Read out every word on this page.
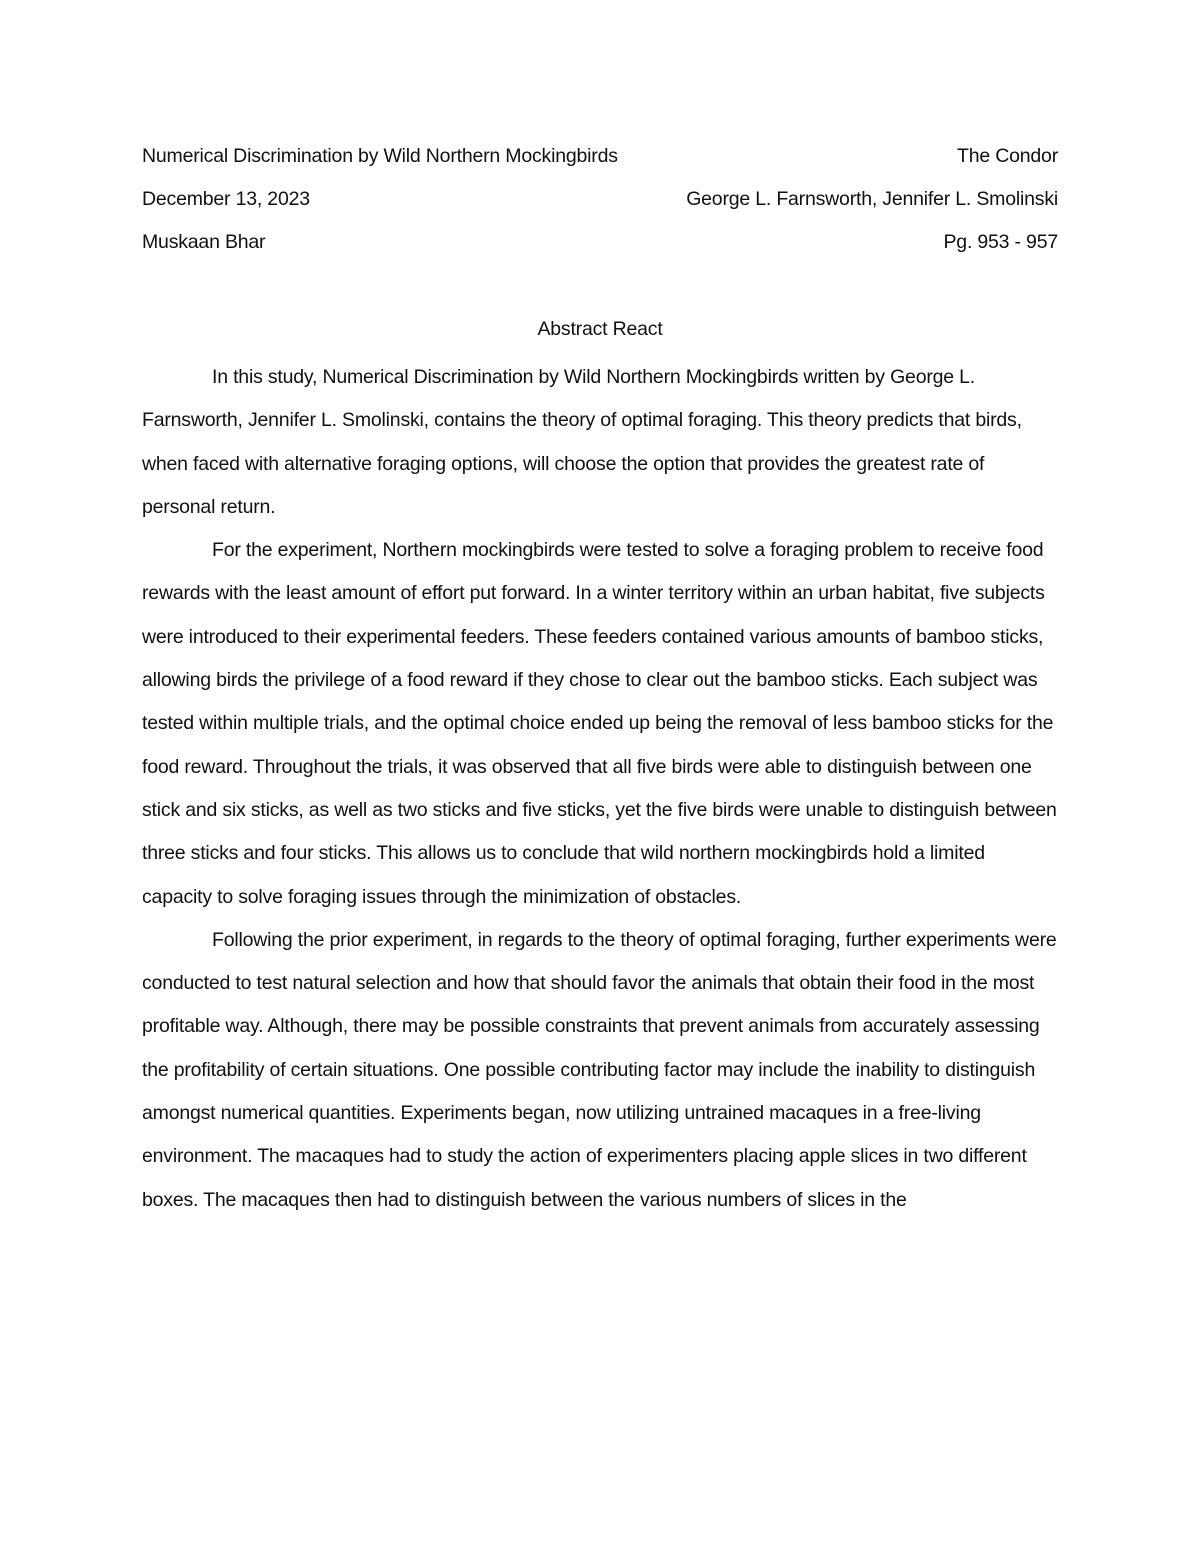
Numerical Discrimination by Wild Northern Mockingbirds	The Condor
December 13, 2023	George L. Farnsworth, Jennifer L. Smolinski
Muskaan Bhar	Pg. 953 - 957
Abstract React

In this study, Numerical Discrimination by Wild Northern Mockingbirds written by George L. Farnsworth, Jennifer L. Smolinski, contains the theory of optimal foraging. This theory predicts that birds, when faced with alternative foraging options, will choose the option that provides the greatest rate of personal return.

For the experiment, Northern mockingbirds were tested to solve a foraging problem to receive food rewards with the least amount of effort put forward. In a winter territory within an urban habitat, five subjects were introduced to their experimental feeders. These feeders contained various amounts of bamboo sticks, allowing birds the privilege of a food reward if they chose to clear out the bamboo sticks. Each subject was tested within multiple trials, and the optimal choice ended up being the removal of less bamboo sticks for the food reward. Throughout the trials, it was observed that all five birds were able to distinguish between one stick and six sticks, as well as two sticks and five sticks, yet the five birds were unable to distinguish between three sticks and four sticks. This allows us to conclude that wild northern mockingbirds hold a limited capacity to solve foraging issues through the minimization of obstacles.

Following the prior experiment, in regards to the theory of optimal foraging, further experiments were conducted to test natural selection and how that should favor the animals that obtain their food in the most profitable way. Although, there may be possible constraints that prevent animals from accurately assessing the profitability of certain situations. One possible contributing factor may include the inability to distinguish amongst numerical quantities. Experiments began, now utilizing untrained macaques in a free-living environment. The macaques had to study the action of experimenters placing apple slices in two different boxes. The macaques then had to distinguish between the various numbers of slices in the
